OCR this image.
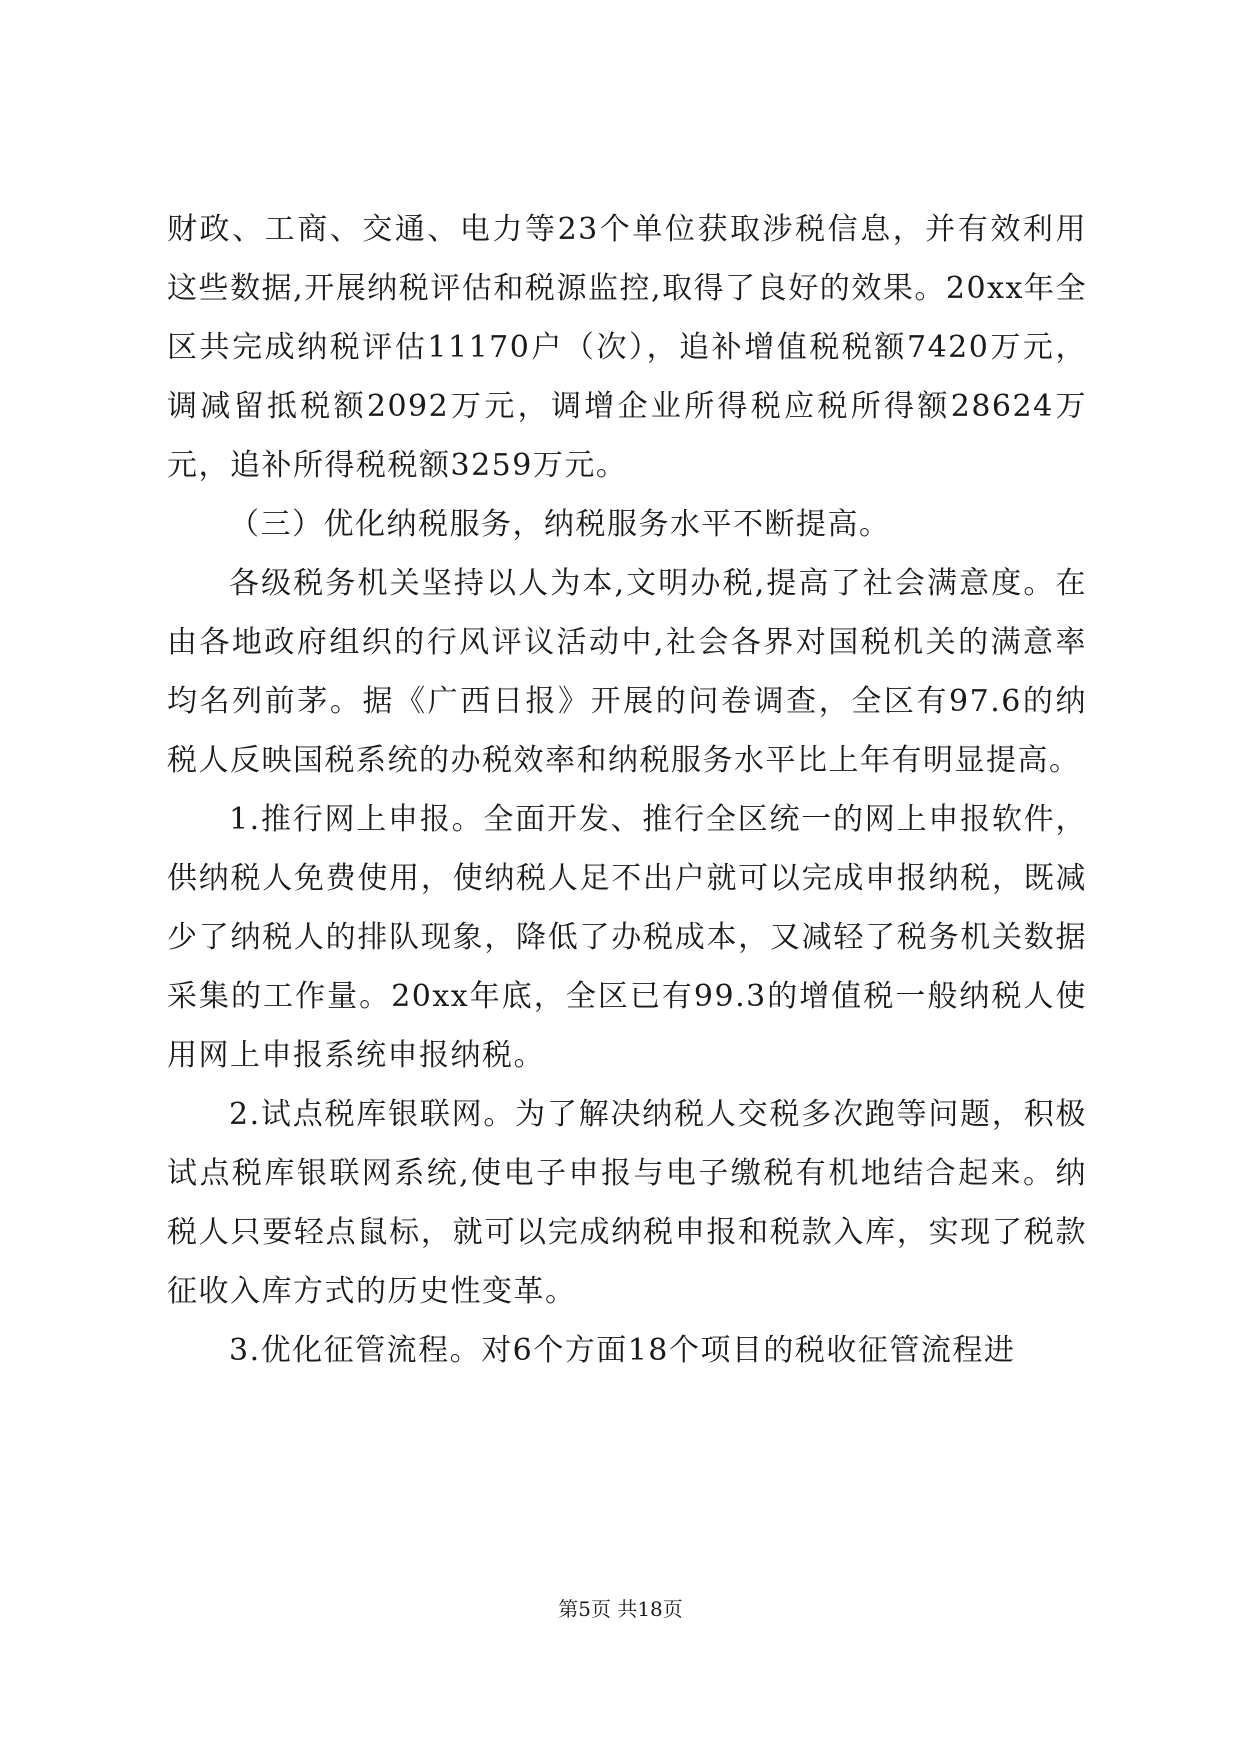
财政、工商、交通、电力等23个单位获取涉税信息，并有效利用这些数据,开展纳税评估和税源监控,取得了良好的效果。20xx年全区共完成纳税评估11170户（次），追补增值税税额7420万元，调减留抵税额2092万元，调增企业所得税应税所得额28624万元，追补所得税税额3259万元。

（三）优化纳税服务，纳税服务水平不断提高。

各级税务机关坚持以人为本,文明办税,提高了社会满意度。在由各地政府组织的行风评议活动中,社会各界对国税机关的满意率均名列前茅。据《广西日报》开展的问卷调查，全区有97.6的纳税人反映国税系统的办税效率和纳税服务水平比上年有明显提高。

1.推行网上申报。全面开发、推行全区统一的网上申报软件，供纳税人免费使用，使纳税人足不出户就可以完成申报纳税，既减少了纳税人的排队现象，降低了办税成本，又减轻了税务机关数据采集的工作量。20xx年底，全区已有99.3的增值税一般纳税人使用网上申报系统申报纳税。

2.试点税库银联网。为了解决纳税人交税多次跑等问题，积极试点税库银联网系统,使电子申报与电子缴税有机地结合起来。纳税人只要轻点鼠标，就可以完成纳税申报和税款入库，实现了税款征收入库方式的历史性变革。

3.优化征管流程。对6个方面18个项目的税收征管流程进

第5页 共18页
